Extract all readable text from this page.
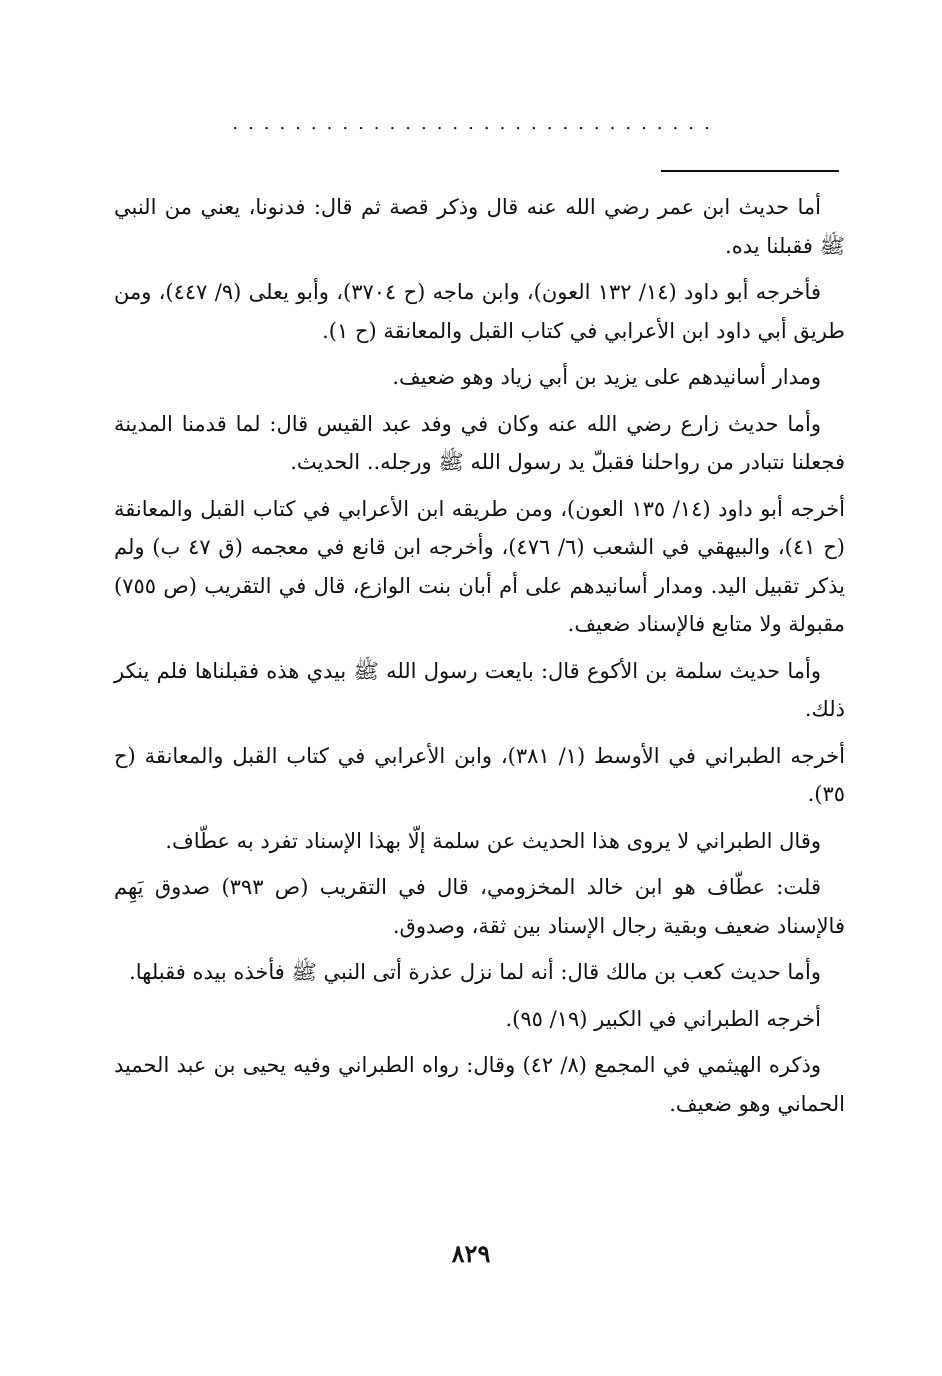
...............................

أما حديث ابن عمر رضي الله عنه قال وذكر قصة ثم قال: فدنونا، يعني من النبي ﷺ فقبلنا يده.

فأخرجه أبو داود (١٤/ ١٣٢ العون)، وابن ماجه (ح ٣٧٠٤)، وأبو يعلى (٩/ ٤٤٧)، ومن طريق أبي داود ابن الأعرابي في كتاب القبل والمعانقة (ح ١).

ومدار أسانيدهم على يزيد بن أبي زياد وهو ضعيف.

وأما حديث زارع رضي الله عنه وكان في وفد عبد القيس قال: لما قدمنا المدينة فجعلنا نتبادر من رواحلنا فقبلّ يد رسول الله ﷺ ورجله.. الحديث.

أخرجه أبو داود (١٤/ ١٣٥ العون)، ومن طريقه ابن الأعرابي في كتاب القبل والمعانقة (ح ٤١)، والبيهقي في الشعب (٦/ ٤٧٦)، وأخرجه ابن قانع في معجمه (ق ٤٧ ب) ولم يذكر تقبيل اليد. ومدار أسانيدهم على أم أبان بنت الوازع، قال في التقريب (ص ٧٥٥) مقبولة ولا متابع فالإسناد ضعيف.

وأما حديث سلمة بن الأكوع قال: بايعت رسول الله ﷺ بيدي هذه فقبلناها فلم ينكر ذلك.

أخرجه الطبراني في الأوسط (١/ ٣٨١)، وابن الأعرابي في كتاب القبل والمعانقة (ح ٣٥).

وقال الطبراني لا يروى هذا الحديث عن سلمة إلّا بهذا الإسناد تفرد به عطّاف.

قلت: عطّاف هو ابن خالد المخزومي، قال في التقريب (ص ٣٩٣) صدوق يَهِم فالإسناد ضعيف وبقية رجال الإسناد بين ثقة، وصدوق.

وأما حديث كعب بن مالك قال: أنه لما نزل عذرة أتى النبي ﷺ فأخذه بيده فقبلها.

أخرجه الطبراني في الكبير (١٩/ ٩٥).

وذكره الهيثمي في المجمع (٨/ ٤٢) وقال: رواه الطبراني وفيه يحيى بن عبد الحميد الحماني وهو ضعيف.

٨٢٩
